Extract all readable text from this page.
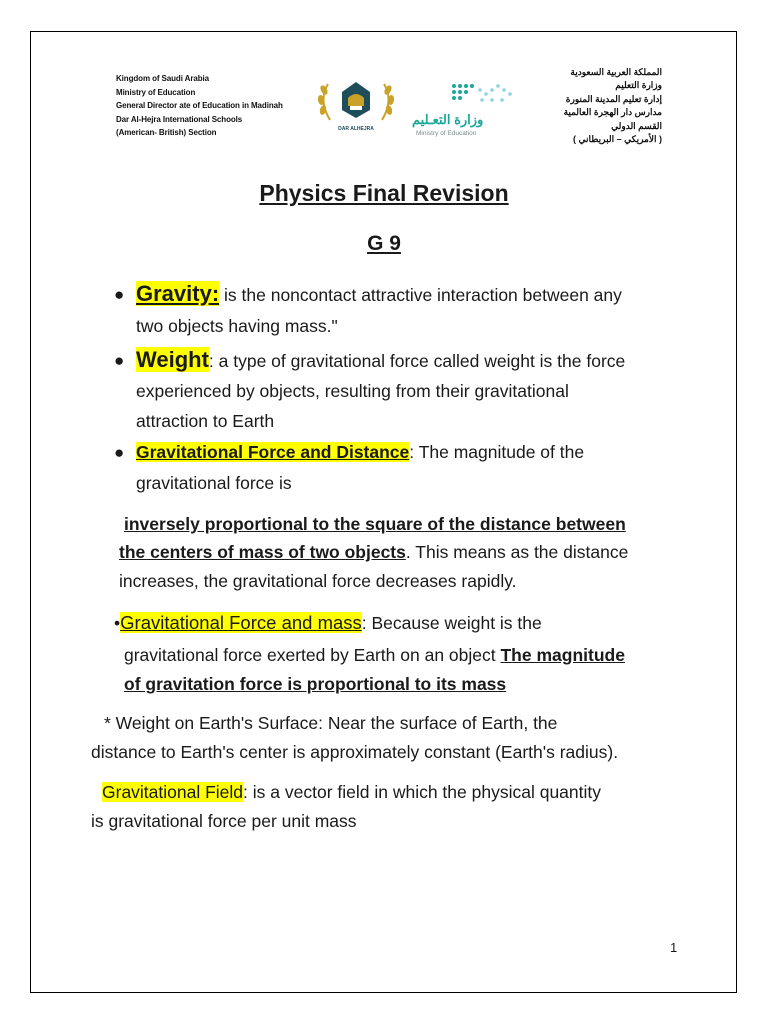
Kingdom of Saudi Arabia
Ministry of Education
General Director ate of Education in Madinah
Dar Al-Hejra International Schools
(American- British) Section	DAR ALHEJRA
وزارة التعـليم
Ministry of Education
المملكة العربية السعودية
وزارة التعليم
إدارة تعليم المدينة المنورة
مدارس دار الهجرة العالمية
القسم الدولي
( الأمريكي – البريطاني )
Physics Final Revision
G 9
● Gravity: is the noncontact attractive interaction between any
two objects having mass."
● Weight: a type of gravitational force called weight is the force
experienced by objects, resulting from their gravitational
attraction to Earth
● Gravitational Force and Distance: The magnitude of the
gravitational force is
inversely proportional to the square of the distance between
the centers of mass of two objects. This means as the distance
increases, the gravitational force decreases rapidly.
•Gravitational Force and mass: Because weight is the
gravitational force exerted by Earth on an object The magnitude
of gravitation force is proportional to its mass
* Weight on Earth's Surface: Near the surface of Earth, the
distance to Earth's center is approximately constant (Earth's radius).
Gravitational Field: is a vector field in which the physical quantity
is gravitational force per unit mass
1
